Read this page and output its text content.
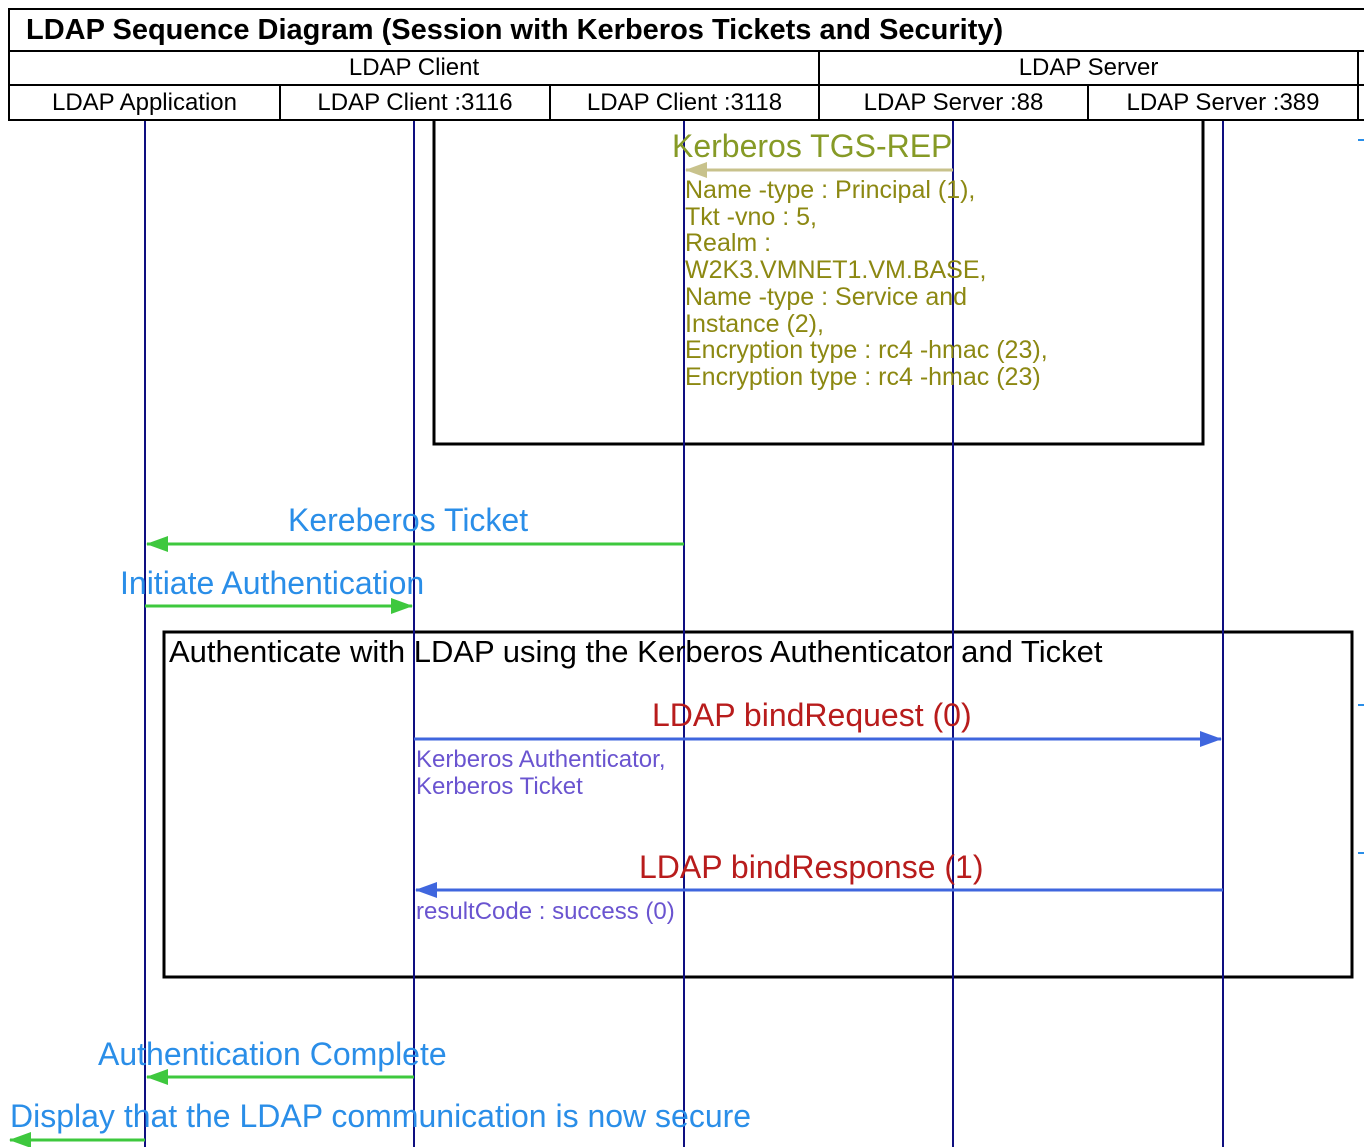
LDAP Sequence Diagram (Session with Kerberos Tickets and Security)
LDAP Client	LDAP Server
LDAP Application	LDAP Client :3116	LDAP Client :3118	LDAP Server :88	LDAP Server :389
Kerberos TGS-REP
Name -type : Principal (1),
Tkt -vno : 5,
Realm :
W2K3.VMNET1.VM.BASE,
Name -type : Service and
Instance (2),
Encryption type : rc4 -hmac (23),
Encryption type : rc4 -hmac (23)
Kereberos Ticket
Initiate Authentication
Authenticate with LDAP using the Kerberos Authenticator and Ticket
LDAP bindRequest (0)
Kerberos Authenticator,
Kerberos Ticket
LDAP bindResponse (1)
resultCode : success (0)
Authentication Complete
Display that the LDAP communication is now secure
